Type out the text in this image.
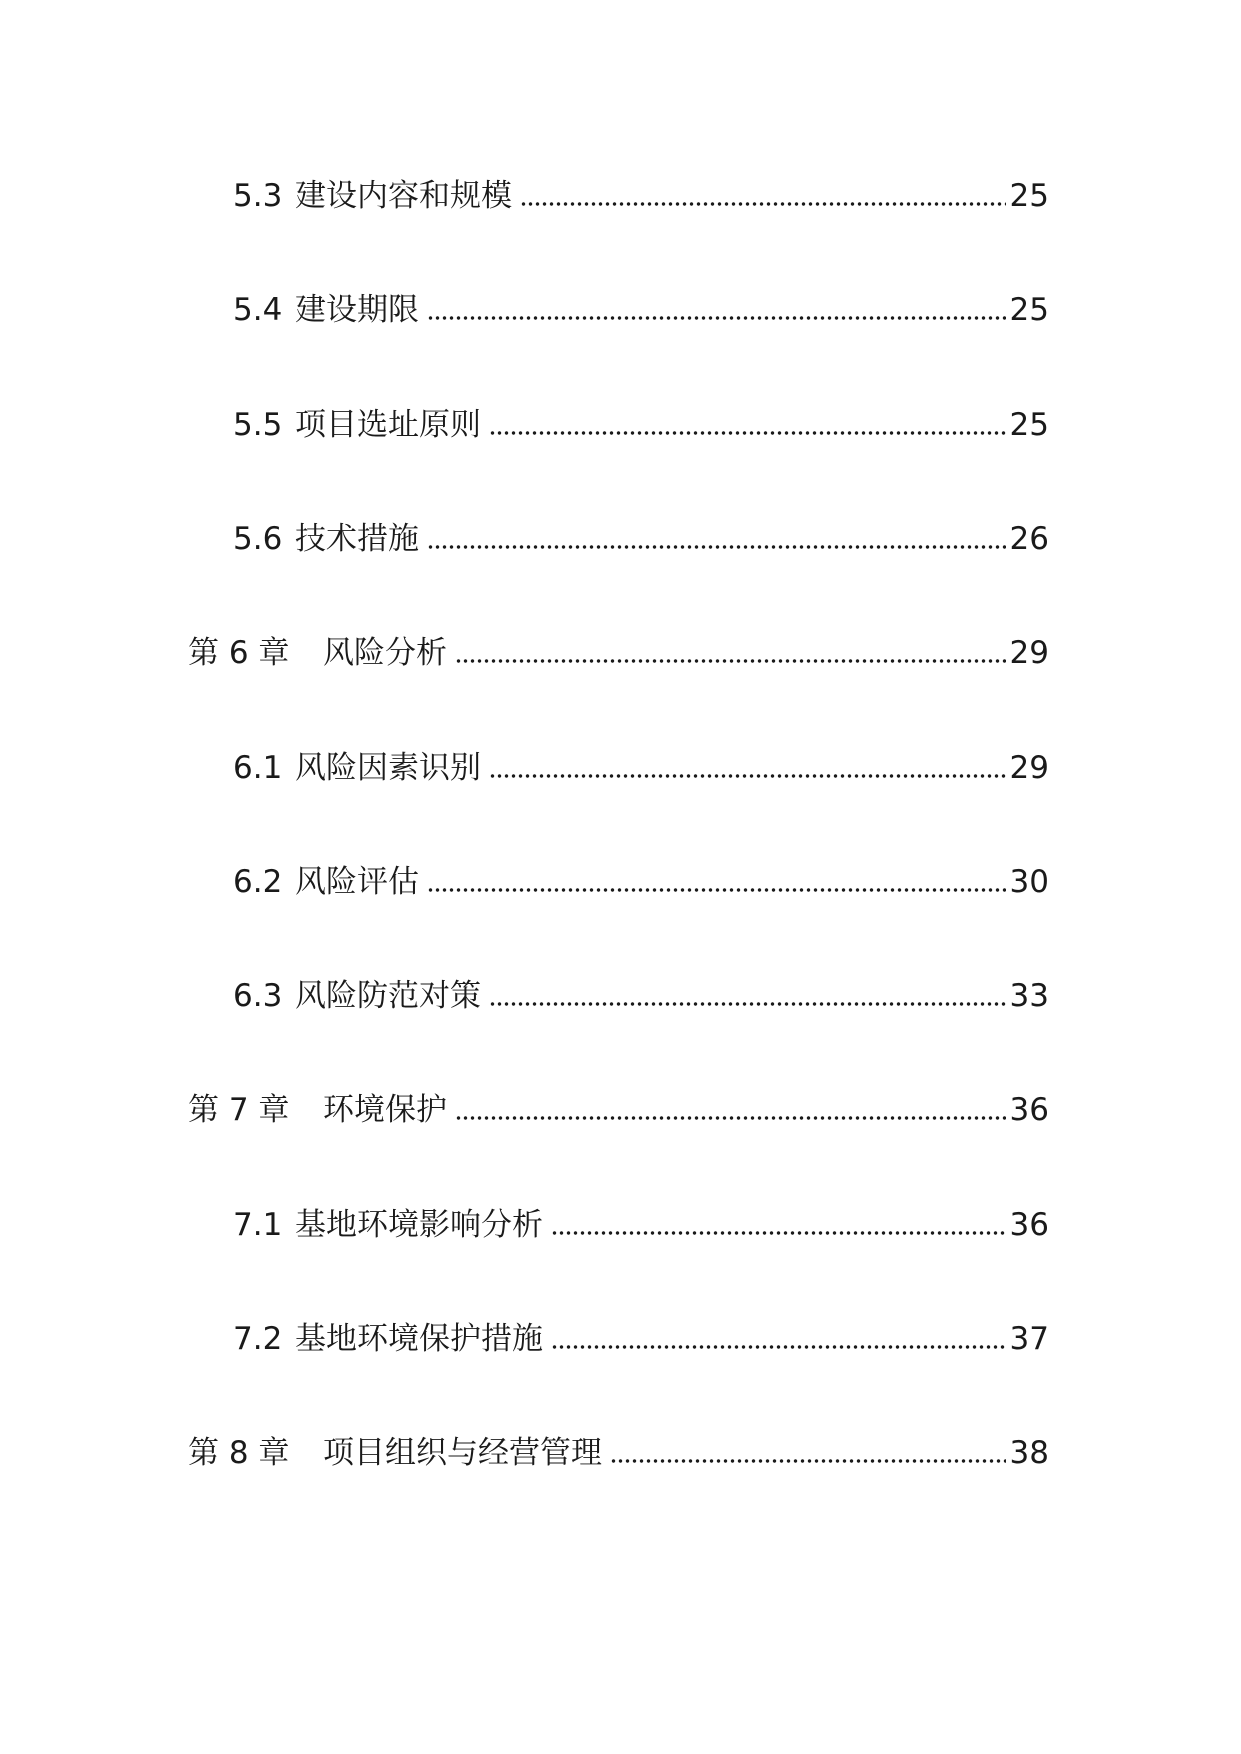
5.3 建设内容和规模	25
5.4 建设期限	25
5.5 项目选址原则	25
5.6 技术措施	26
第 6 章	风险分析	29
6.1 风险因素识别	29
6.2 风险评估	30
6.3 风险防范对策	33
第 7 章	环境保护	36
7.1 基地环境影响分析	36
7.2 基地环境保护措施	37
第 8 章	项目组织与经营管理	38
